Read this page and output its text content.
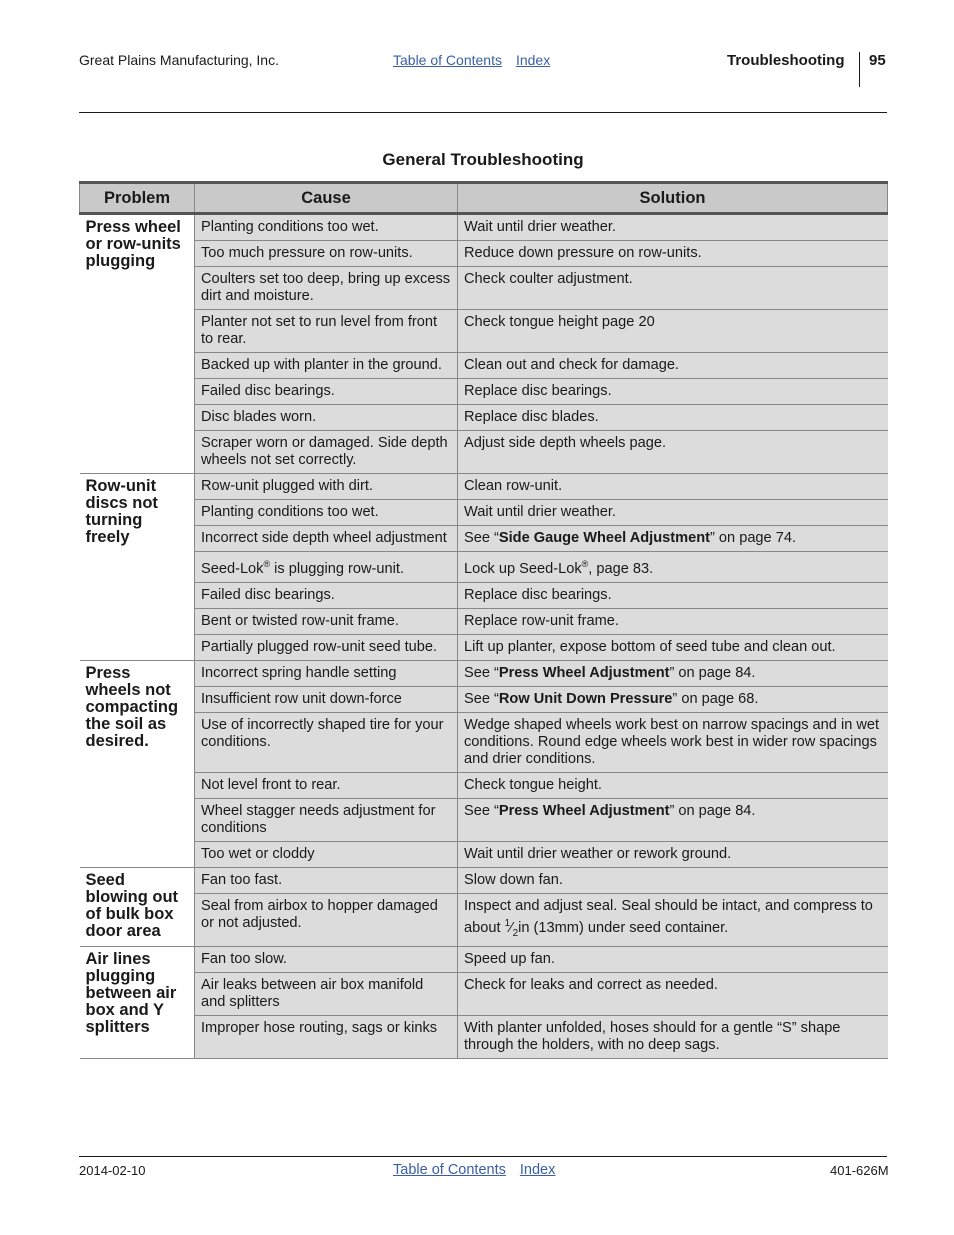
Great Plains Manufacturing, Inc.	Table of Contents Index	Troubleshooting 95
General Troubleshooting
Problem	Cause	Solution
Press wheel or row-units plugging	Planting conditions too wet.	Wait until drier weather.
	Too much pressure on row-units.	Reduce down pressure on row-units.
	Coulters set too deep, bring up excess dirt and moisture.	Check coulter adjustment.
	Planter not set to run level from front to rear.	Check tongue height page 20
	Backed up with planter in the ground.	Clean out and check for damage.
	Failed disc bearings.	Replace disc bearings.
	Disc blades worn.	Replace disc blades.
	Scraper worn or damaged. Side depth wheels not set correctly.	Adjust side depth wheels page.
Row-unit discs not turning freely	Row-unit plugged with dirt.	Clean row-unit.
	Planting conditions too wet.	Wait until drier weather.
	Incorrect side depth wheel adjustment	See “Side Gauge Wheel Adjustment” on page 74.
	Seed-Lok® is plugging row-unit.	Lock up Seed-Lok®, page 83.
	Failed disc bearings.	Replace disc bearings.
	Bent or twisted row-unit frame.	Replace row-unit frame.
	Partially plugged row-unit seed tube.	Lift up planter, expose bottom of seed tube and clean out.
Press wheels not compacting the soil as desired.	Incorrect spring handle setting	See “Press Wheel Adjustment” on page 84.
	Insufficient row unit down-force	See “Row Unit Down Pressure” on page 68.
	Use of incorrectly shaped tire for your conditions.	Wedge shaped wheels work best on narrow spacings and in wet conditions. Round edge wheels work best in wider row spacings and drier conditions.
	Not level front to rear.	Check tongue height.
	Wheel stagger needs adjustment for conditions	See “Press Wheel Adjustment” on page 84.
	Too wet or cloddy	Wait until drier weather or rework ground.
Seed blowing out of bulk box door area	Fan too fast.	Slow down fan.
	Seal from airbox to hopper damaged or not adjusted.	Inspect and adjust seal. Seal should be intact, and compress to about $^1⁄_2in$ (13mm) under seed container.
Air lines plugging between air box and Y splitters	Fan too slow.	Speed up fan.
	Air leaks between air box manifold and splitters	Check for leaks and correct as needed.
	Improper hose routing, sags or kinks	With planter unfolded, hoses should for a gentle “S” shape through the holders, with no deep sags.
2014-02-10	Table of Contents Index	401-626M
